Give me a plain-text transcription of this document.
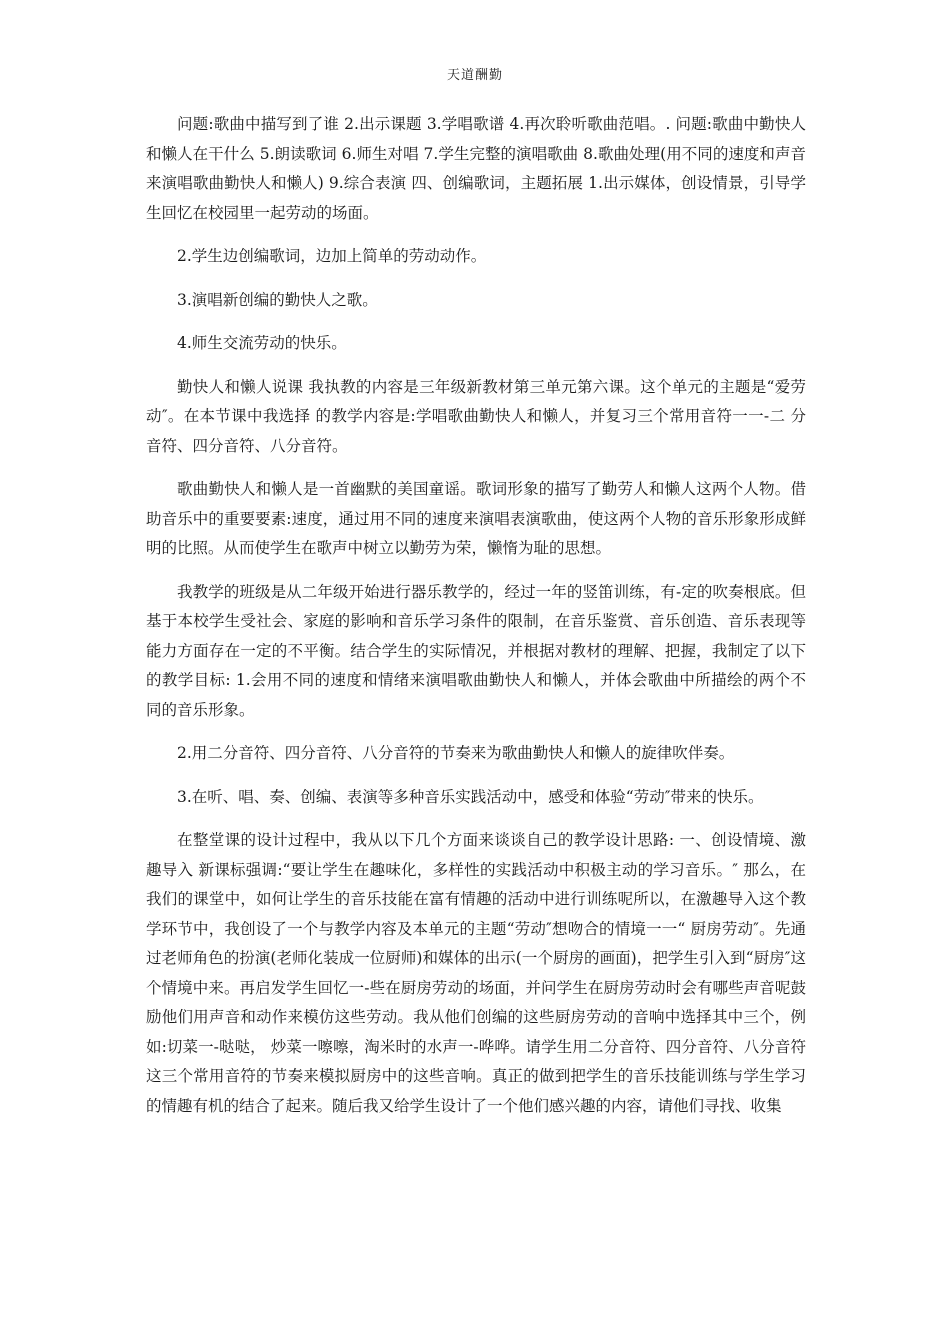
天道酬勤

问题:歌曲中描写到了谁 2.出示课题 3.学唱歌谱 4.再次聆听歌曲范唱。. 问题:歌曲中勤快人和懒人在干什么 5.朗读歌词 6.师生对唱 7.学生完整的演唱歌曲 8.歌曲处理(用不同的速度和声音来演唱歌曲勤快人和懒人) 9.综合表演 四、创编歌词，主题拓展 1.出示媒体，创设情景，引导学生回忆在校园里一起劳动的场面。

2.学生边创编歌词，边加上简单的劳动动作。

3.演唱新创编的勤快人之歌。

4.师生交流劳动的快乐。

勤快人和懒人说课 我执教的内容是三年级新教材第三单元第六课。这个单元的主题是“爱劳动″。在本节课中我选择 的教学内容是:学唱歌曲勤快人和懒人，并复习三个常用音符一一-二 分音符、四分音符、八分音符。

歌曲勤快人和懒人是一首幽默的美国童谣。歌词形象的描写了勤劳人和懒人这两个人物。借助音乐中的重要要素:速度，通过用不同的速度来演唱表演歌曲，使这两个人物的音乐形象形成鲜明的比照。从而使学生在歌声中树立以勤劳为荣，懒惰为耻的思想。

我教学的班级是从二年级开始进行器乐教学的，经过一年的竖笛训练，有-定的吹奏根底。但基于本校学生受社会、家庭的影响和音乐学习条件的限制，在音乐鉴赏、音乐创造、音乐表现等能力方面存在一定的不平衡。结合学生的实际情况，并根据对教材的理解、把握，我制定了以下的教学目标: 1.会用不同的速度和情绪来演唱歌曲勤快人和懒人，并体会歌曲中所描绘的两个不同的音乐形象。

2.用二分音符、四分音符、八分音符的节奏来为歌曲勤快人和懒人的旋律吹伴奏。

3.在听、唱、奏、创编、表演等多种音乐实践活动中，感受和体验“劳动″带来的快乐。

在整堂课的设计过程中，我从以下几个方面来谈谈自己的教学设计思路: 一、创设情境、激趣导入 新课标强调:“要让学生在趣味化，多样性的实践活动中积极主动的学习音乐。″ 那么，在我们的课堂中，如何让学生的音乐技能在富有情趣的活动中进行训练呢所以，在激趣导入这个教学环节中，我创设了一个与教学内容及本单元的主题“劳动″想吻合的情境一一“ 厨房劳动″。先通过老师角色的扮演(老师化装成一位厨师)和媒体的出示(一个厨房的画面)，把学生引入到“厨房″这个情境中来。再启发学生回忆一-些在厨房劳动的场面，并问学生在厨房劳动时会有哪些声音呢鼓励他们用声音和动作来模仿这些劳动。我从他们创编的这些厨房劳动的音响中选择其中三个，例如:切菜一-哒哒， 炒菜一嚓嚓，淘米时的水声一-哗哗。请学生用二分音符、四分音符、八分音符这三个常用音符的节奏来模拟厨房中的这些音响。真正的做到把学生的音乐技能训练与学生学习的情趣有机的结合了起来。随后我又给学生设计了一个他们感兴趣的内容，请他们寻找、收集
